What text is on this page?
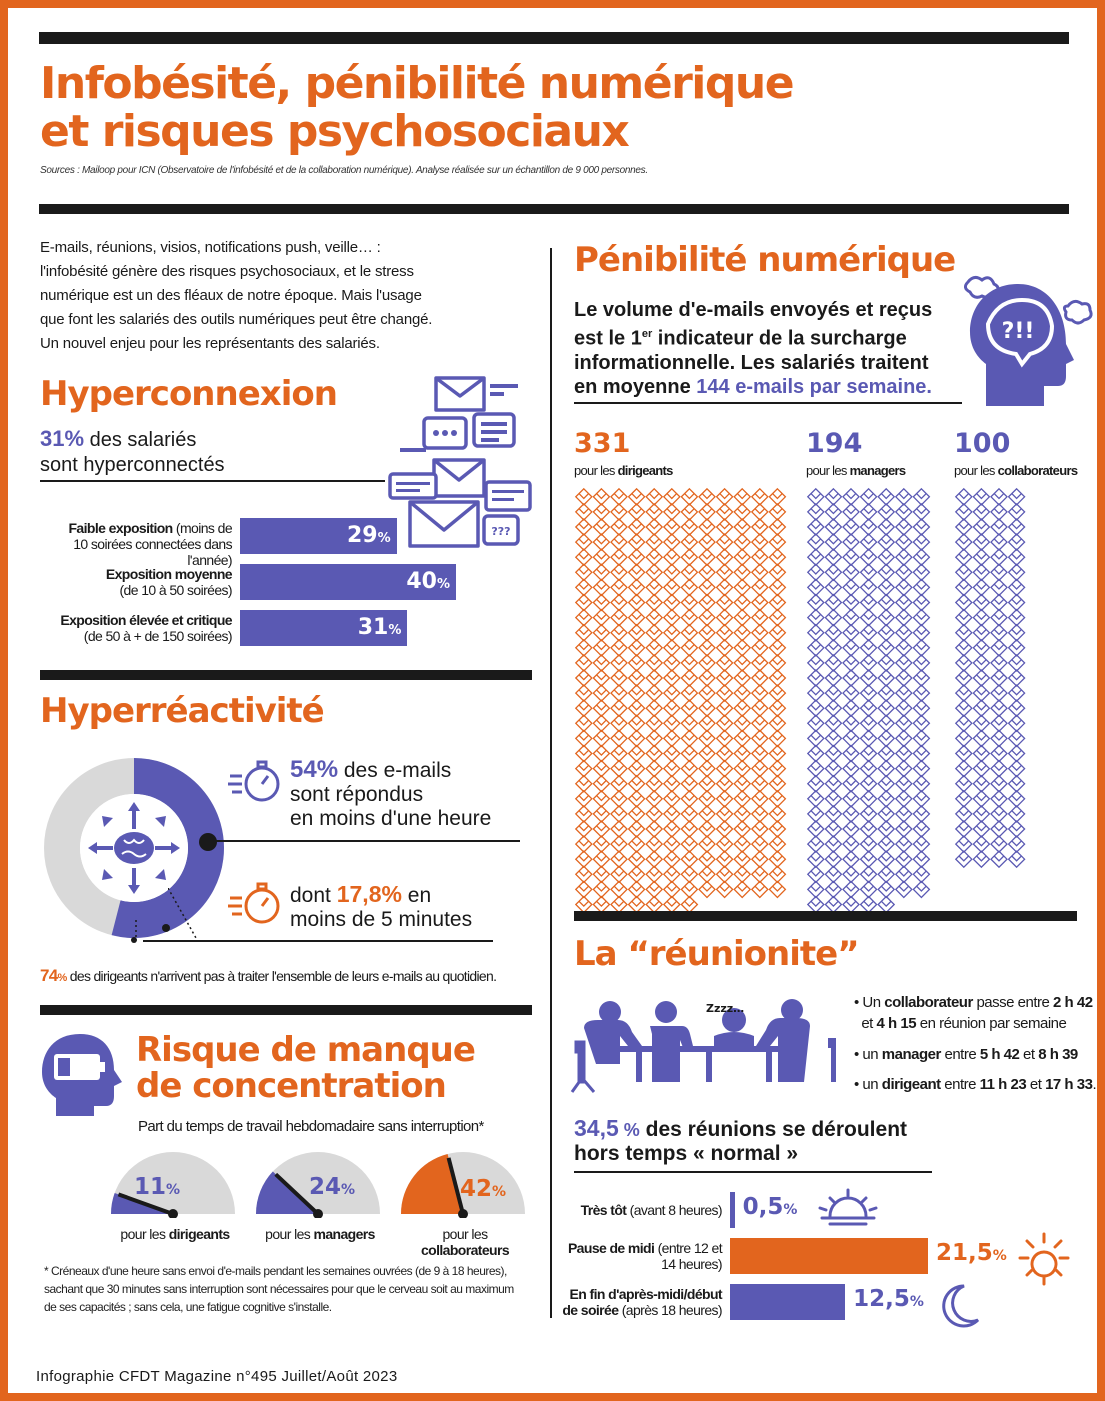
Infobésité, pénibilité numérique
et risques psychosociaux
Sources : Mailoop pour ICN (Observatoire de l'infobésité et de la collaboration numérique). Analyse réalisée sur un échantillon de 9 000 personnes.
E-mails, réunions, visios, notifications push, veille… :
l'infobésité génère des risques psychosociaux, et le stress
numérique est un des fléaux de notre époque. Mais l'usage
que font les salariés des outils numériques peut être changé.
Un nouvel enjeu pour les représentants des salariés.
Hyperconnexion
31% des salariés
sont hyperconnectés
???
Faible exposition (moins de
10 soirées connectées dans l'année)
29%
Exposition moyenne
(de 10 à 50 soirées)	40%
Exposition élevée et critique
(de 50 à + de 150 soirées)	31%
Hyperréactivité
54% des e-mails
sont répondus
en moins d'une heure
dont 17,8% en
moins de 5 minutes
74% des dirigeants n'arrivent pas à traiter l'ensemble de leurs e-mails au quotidien.
Risque de manque
de concentration
Part du temps de travail hebdomadaire sans interruption*
11%
pour les dirigeants
24%
pour les managers
42%
pour les collaborateurs
* Créneaux d'une heure sans envoi d'e-mails pendant les semaines ouvrées (de 9 à 18 heures),
sachant que 30 minutes sans interruption sont nécessaires pour que le cerveau soit au maximum
de ses capacités ; sans cela, une fatigue cognitive s'installe.
Pénibilité numérique
Le volume d'e-mails envoyés et reçus
est le 1er indicateur de la surcharge
informationnelle. Les salariés traitent
en moyenne 144 e-mails par semaine.
?!!
331
pour les dirigeants
194
pour les managers
100
pour les collaborateurs
La “réunionite”
Zzzz…	• Un collaborateur passe entre 2 h 42
et 4 h 15 en réunion par semaine
• un manager entre 5 h 42 et 8 h 39
• un dirigeant entre 11 h 23 et 17 h 33.
34,5 % des réunions se déroulent
hors temps « normal »
Très tôt (avant 8 heures) 0,5%
Pause de midi (entre 12 et
14 heures)	21,5%
En fin d'après-midi/début
de soirée (après 18 heures)	12,5%
Infographie CFDT Magazine n°495 Juillet/Août 2023
